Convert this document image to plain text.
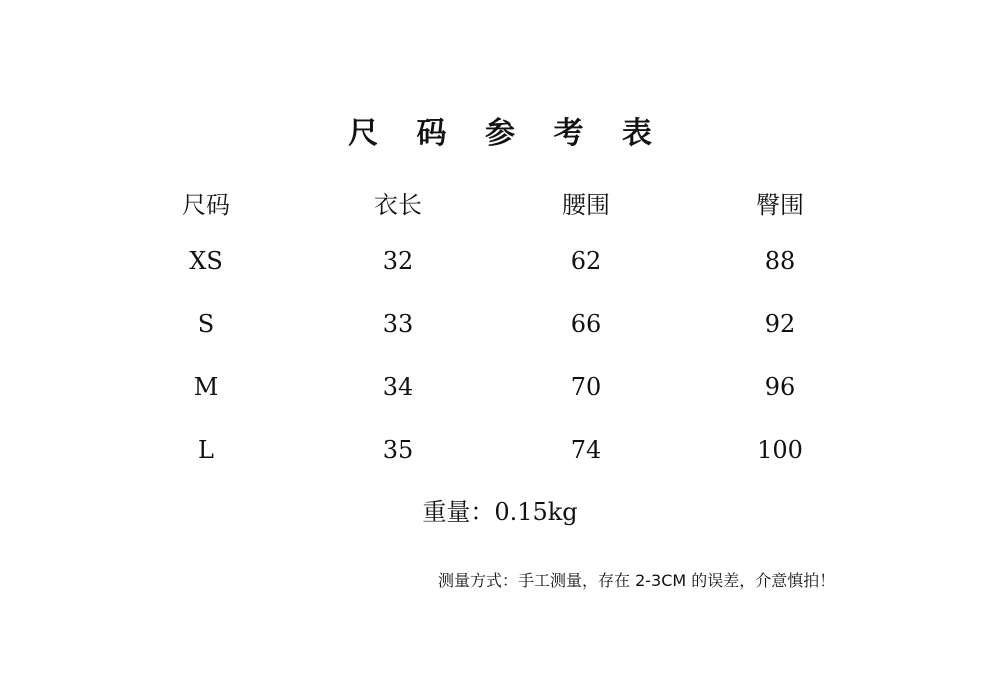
尺 码 参 考 表
尺码	衣长	腰围	臀围
XS	32	62	88
S	33	66	92
M	34	70	96
L	35	74	100
重量：0.15kg
测量方式：手工测量，存在 2-3CM 的误差，介意慎拍！
